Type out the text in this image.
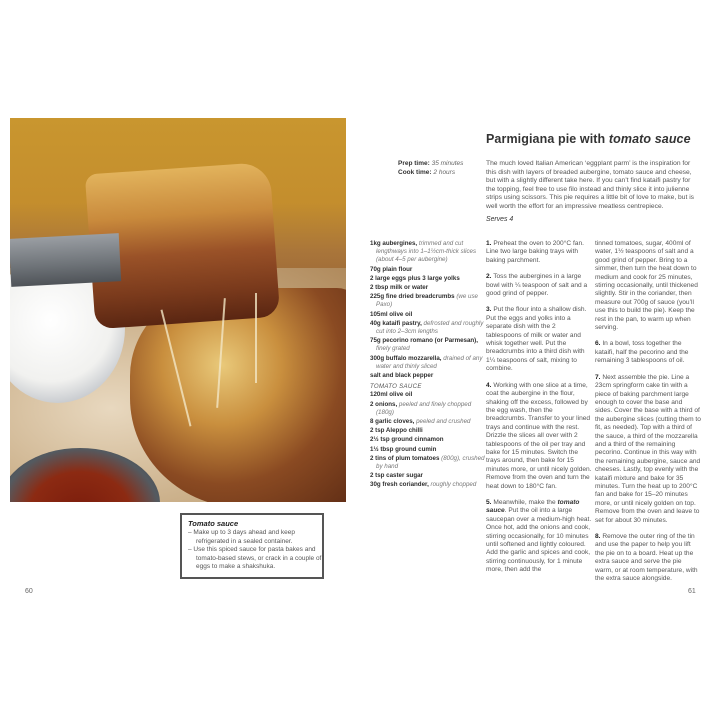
Tomato sauce
– Make up to 3 days ahead and keep refrigerated in a sealed container.
– Use this spiced sauce for pasta bakes and tomato-based stews, or crack in a couple of eggs to make a shakshuka.
60
Parmigiana pie with tomato sauce
Prep time: 35 minutes
Cook time: 2 hours
The much loved Italian American ‘eggplant parm’ is the inspiration for this dish with layers of breaded aubergine, tomato sauce and cheese, but with a slightly different take here. If you can’t find kataifi pastry for the topping, feel free to use filo instead and thinly slice it into julienne strips using scissors. This pie requires a little bit of love to make, but is well worth the effort for an impressive meatless centrepiece.
Serves 4
1kg aubergines, trimmed and cut lengthways into 1–1½cm-thick slices (about 4–5 per aubergine)
70g plain flour
2 large eggs plus 3 large yolks
2 tbsp milk or water
225g fine dried breadcrumbs (we use Paxo)
105ml olive oil
40g kataifi pastry, defrosted and roughly cut into 2–3cm lengths
75g pecorino romano (or Parmesan), finely grated
300g buffalo mozzarella, drained of any water and thinly sliced
salt and black pepper
TOMATO SAUCE
120ml olive oil
2 onions, peeled and finely chopped (180g)
8 garlic cloves, peeled and crushed
2 tsp Aleppo chilli
2½ tsp ground cinnamon
1½ tbsp ground cumin
2 tins of plum tomatoes (800g), crushed by hand
2 tsp caster sugar
30g fresh coriander, roughly chopped
1. Preheat the oven to 200°C fan. Line two large baking trays with baking parchment.
2. Toss the aubergines in a large bowl with ¼ teaspoon of salt and a good grind of pepper.
3. Put the flour into a shallow dish. Put the eggs and yolks into a separate dish with the 2 tablespoons of milk or water and whisk together well. Put the breadcrumbs into a third dish with 1¼ teaspoons of salt, mixing to combine.
4. Working with one slice at a time, coat the aubergine in the flour, shaking off the excess, followed by the egg wash, then the breadcrumbs. Transfer to your lined trays and continue with the rest. Drizzle the slices all over with 2 tablespoons of the oil per tray and bake for 15 minutes. Switch the trays around, then bake for 15 minutes more, or until nicely golden. Remove from the oven and turn the heat down to 180°C fan.
5. Meanwhile, make the tomato sauce. Put the oil into a large saucepan over a medium-high heat. Once hot, add the onions and cook, stirring occasionally, for 10 minutes until softened and lightly coloured. Add the garlic and spices and cook, stirring continuously, for 1 minute more, then add the
tinned tomatoes, sugar, 400ml of water, 1½ teaspoons of salt and a good grind of pepper. Bring to a simmer, then turn the heat down to medium and cook for 25 minutes, stirring occasionally, until thickened slightly. Stir in the coriander, then measure out 700g of sauce (you’ll use this to build the pie). Keep the rest in the pan, to warm up when serving.
6. In a bowl, toss together the kataifi, half the pecorino and the remaining 3 tablespoons of oil.
7. Next assemble the pie. Line a 23cm springform cake tin with a piece of baking parchment large enough to cover the base and sides. Cover the base with a third of the aubergine slices (cutting them to fit, as needed). Top with a third of the sauce, a third of the mozzarella and a third of the remaining pecorino. Continue in this way with the remaining aubergine, sauce and cheeses. Lastly, top evenly with the kataifi mixture and bake for 35 minutes. Turn the heat up to 200°C fan and bake for 15–20 minutes more, or until nicely golden on top. Remove from the oven and leave to set for about 30 minutes.
8. Remove the outer ring of the tin and use the paper to help you lift the pie on to a board. Heat up the extra sauce and serve the pie warm, or at room temperature, with the extra sauce alongside.
61
